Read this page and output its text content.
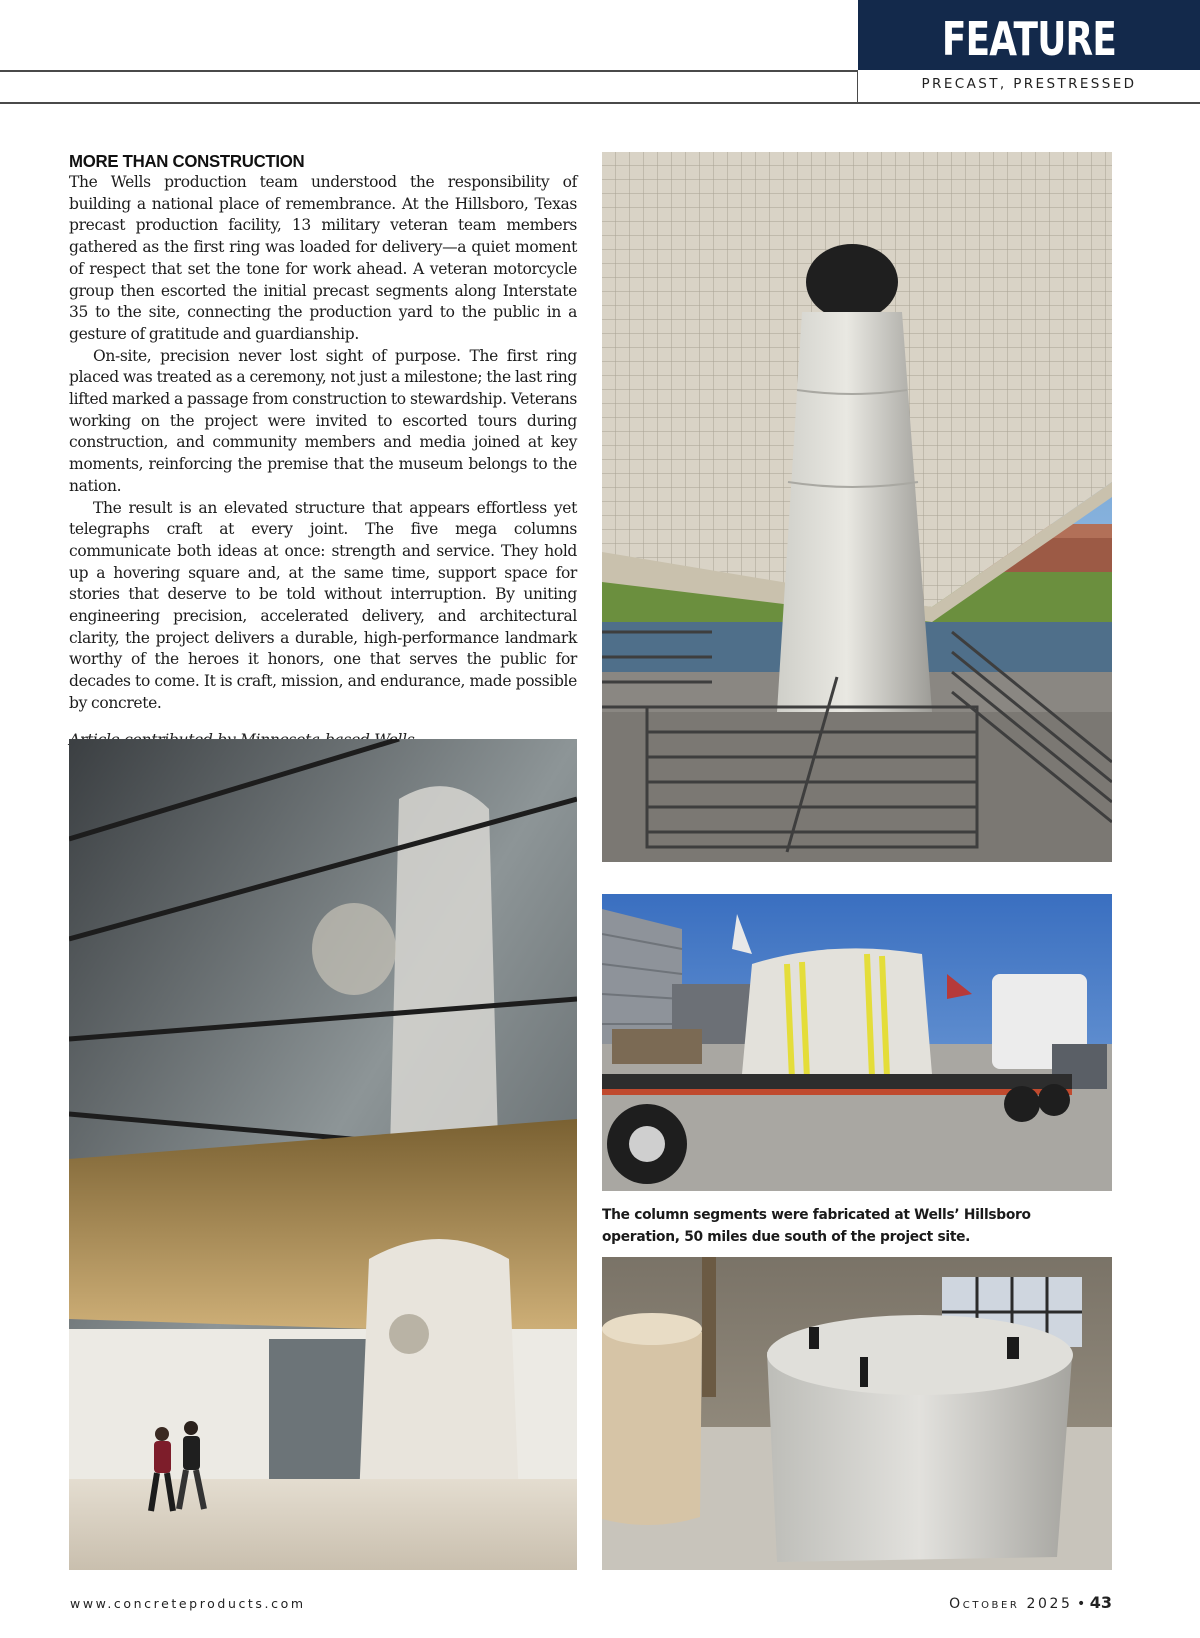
FEATURE
PRECAST, PRESTRESSED
MORE THAN CONSTRUCTION

The Wells production team understood the responsibility of building a national place of remembrance. At the Hillsboro, Texas precast production facility, 13 military veteran team members gathered as the first ring was loaded for delivery—a quiet moment of respect that set the tone for work ahead. A veteran motorcycle group then escorted the initial precast segments along Interstate 35 to the site, connecting the production yard to the public in a gesture of gratitude and guardianship.

On-site, precision never lost sight of purpose. The first ring placed was treated as a ceremony, not just a milestone; the last ring lifted marked a passage from construction to stewardship. Veterans working on the project were invited to escorted tours during construction, and community members and media joined at key moments, reinforcing the premise that the museum belongs to the nation.

The result is an elevated structure that appears effortless yet telegraphs craft at every joint. The five mega columns communicate both ideas at once: strength and service. They hold up a hovering square and, at the same time, support space for stories that deserve to be told without interruption. By uniting engineering precision, accelerated delivery, and architectural clarity, the project delivers a durable, high-performance landmark worthy of the heroes it honors, one that serves the public for decades to come. It is craft, mission, and endurance, made possible by concrete.

The column segments were fabricated at Wells’ Hillsboro operation, 50 miles due south of the project site.
www.concreteproducts.com	October 2025 • 43
